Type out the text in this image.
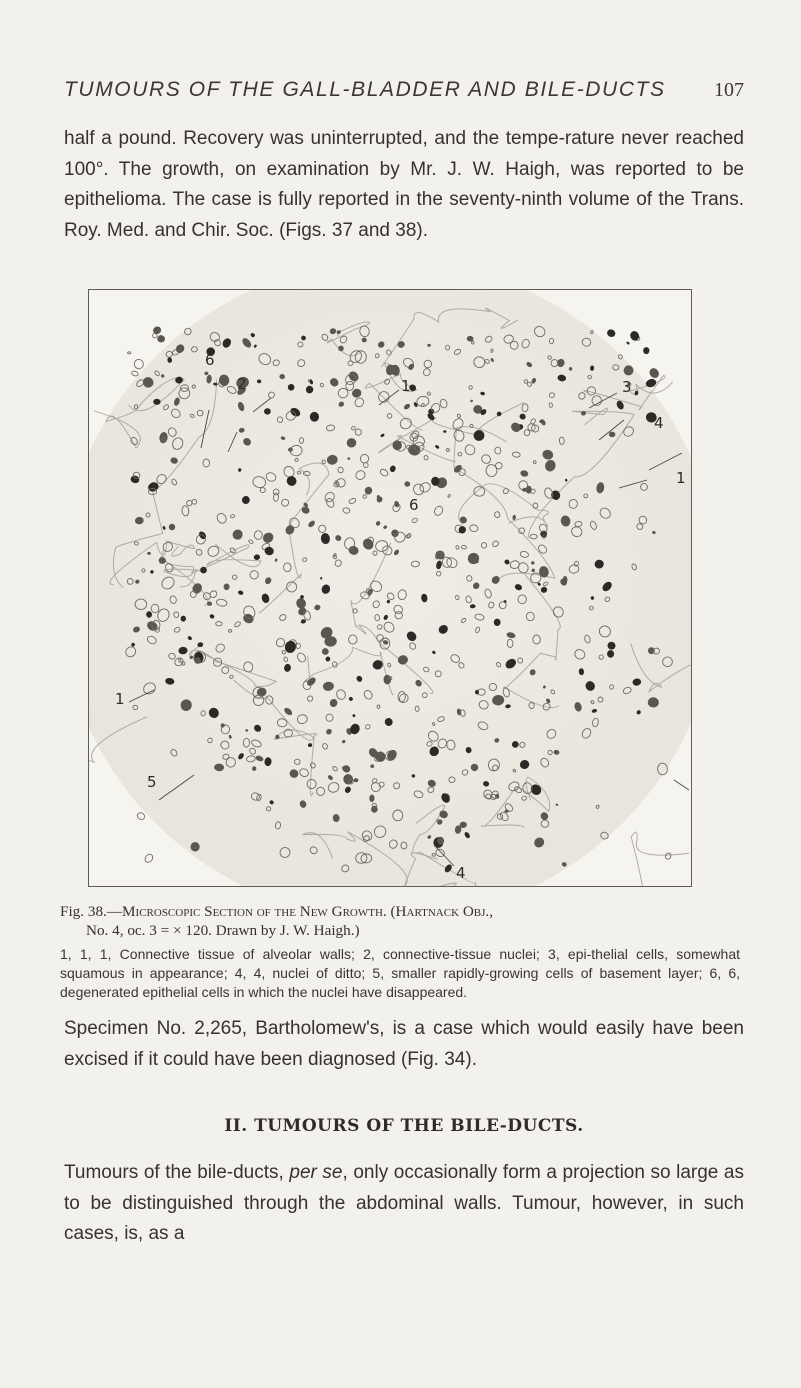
TUMOURS OF THE GALL-BLADDER AND BILE-DUCTS 107

half a pound. Recovery was uninterrupted, and the tempe-rature never reached 100°. The growth, on examination by Mr. J. W. Haigh, was reported to be epithelioma. The case is fully reported in the seventy-ninth volume of the Trans. Roy. Med. and Chir. Soc. (Figs. 37 and 38).

6
2	1	3
4
6
1
1
5
4
Fig. 38.—Microscopic Section of the New Growth. (Hartnack Obj.,
No. 4, oc. 3 = × 120. Drawn by J. W. Haigh.)
1, 1, 1, Connective tissue of alveolar walls; 2, connective-tissue nuclei; 3, epi-thelial cells, somewhat squamous in appearance; 4, 4, nuclei of ditto; 5, smaller rapidly-growing cells of basement layer; 6, 6, degenerated epithelial cells in which the nuclei have disappeared.

Specimen No. 2,265, Bartholomew's, is a case which would easily have been excised if it could have been diagnosed (Fig. 34).

II. TUMOURS OF THE BILE-DUCTS.

Tumours of the bile-ducts, per se, only occasionally form a projection so large as to be distinguished through the abdominal walls. Tumour, however, in such cases, is, as a
